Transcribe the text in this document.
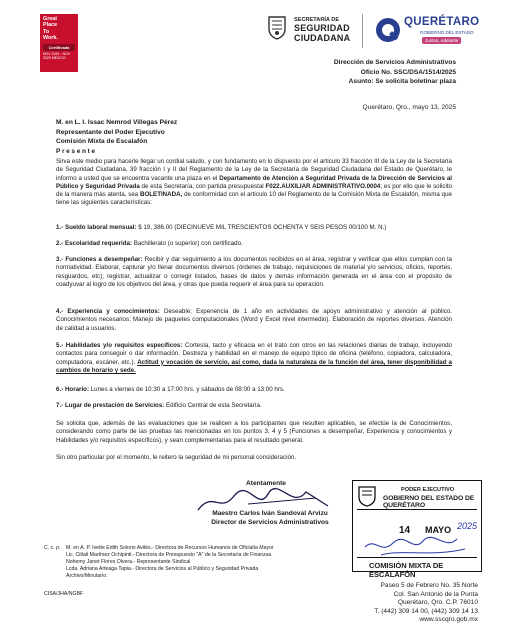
Great
Place
To
Work.
Certificada
NOV 2024 - NOV 2025 MÉXICO
SECRETARÍA DE
SEGURIDAD
CIUDADANA
QUERÉTARO
GOBIERNO DEL ESTADO
Juntos, Adelante
Dirección de Servicios Administrativos
Oficio No. SSC/DSA/1514/2025
Asunto: Se solicita boletinar plaza
Querétaro, Qro., mayo 13, 2025
M. en L. I. Issac Nemrod Villegas Pérez
Representante del Poder Ejecutivo
Comisión Mixta de Escalafón
Presente
Sirva este medio para hacerle llegar un cordial saludo, y con fundamento en lo dispuesto por el artículo 33 fracción III de la Ley de la Secretaría de Seguridad Ciudadana, 39 fracción I y II del Reglamento de la Ley de la Secretaría de Seguridad Ciudadana del Estado de Querétaro, le informo a usted que se encuentra vacante una plaza en el Departamento de Atención a Seguridad Privada de la Dirección de Servicios al Público y Seguridad Privada de esta Secretaría, con partida presupuestal F022.AUXILIAR ADMINISTRATIVO.0004; es por ello que le solicito de la manera más atenta, sea BOLETINADA, de conformidad con el artículo 10 del Reglamento de la Comisión Mixta de Escalafón, misma que tiene las siguientes características:
1.- Sueldo laboral mensual: $ 19, 386.00 (DIECINUEVE MIL TRESCIENTOS OCHENTA Y SEIS PESOS 00/100 M. N.)
2.- Escolaridad requerida: Bachillerato (o superior) con certificado.
3.- Funciones a desempeñar: Recibir y dar seguimiento a los documentos recibidos en el área, registrar y verificar que ellos cumplan con la normatividad. Elaborar, capturar y/o llenar documentos diversos (órdenes de trabajo, requisiciones de material y/o servicios, oficios, reportes, resguardos, etc); registrar, actualizar o corregir listados, bases de datos y demás información generada en el área con el propósito de coadyuvar al logro de los objetivos del área, y otras que pueda requerir el área para su operación.
4.- Experiencia y conocimientos: Deseable: Experiencia de 1 año en actividades de apoyo administrativo y atención al público. Conocimientos necesarios: Manejo de paquetes computacionales (Word y Excel nivel intermedio). Elaboración de reportes diversos. Atención de calidad a usuarios.
5.- Habilidades y/o requisitos específicos: Cortesía, tacto y eficacia en el trato con otros en las relaciones diarias de trabajo, incluyendo contactos para conseguir o dar información. Destreza y habilidad en el manejo de equipo típico de oficina (teléfono, copiadora, calculadora, computadora, escáner, etc.). Actitud y vocación de servicio, así como, dada la naturaleza de la función del área, tener disponibilidad a cambios de horario y sede.
6.- Horario: Lunes a viernes de 10:30 a 17:00 hrs. y sábados de 08:00 a 13:00 hrs.
7.- Lugar de prestación de Servicios: Edificio Central de esta Secretaría.
Se solicita que, además de las evaluaciones que se realicen a los participantes que resulten aplicables, se efectúe la de Conocimientos, considerando como parte de las pruebas las mencionadas en los puntos 3, 4 y 5 (Funciones a desempeñar, Experiencia y conocimientos y Habilidades y/o requisitos específicos), y sean complementarias para el resultado general.
Sin otro particular por el momento, le reitero la seguridad de mi personal consideración.
Atentamente
Maestro Carlos Iván Sandoval Arvizu
Director de Servicios Administrativos
C. c. p. M. en A. P. Ivette Edith Solorio Avilés.- Directora de Recursos Humanos de Oficialía Mayor
Lic. Citlali Martínez Ochipinti.- Directora de Presupuesto "A" de la Secretaría de Finanzas.
Nohemy Janet Flores Olvera.- Representante Sindical
Lcda. Adriana Arteaga Tapia.- Directora de Servicios al Público y Seguridad Privada
Archivo/Minutario.
CISA/JHA/NGBF
PODER EJECUTIVO
GOBIERNO DEL ESTADO DE QUERÉTARO
14 MAYO 2025
COMISIÓN MIXTA DE ESCALAFÓN
Paseo 5 de Febrero No. 35 Norte
Col. San Antonio de la Punta
Querétaro, Qro. C.P. 76010
T. (442) 309 14 00, (442) 309 14 13
www.sscqro.gob.mx
